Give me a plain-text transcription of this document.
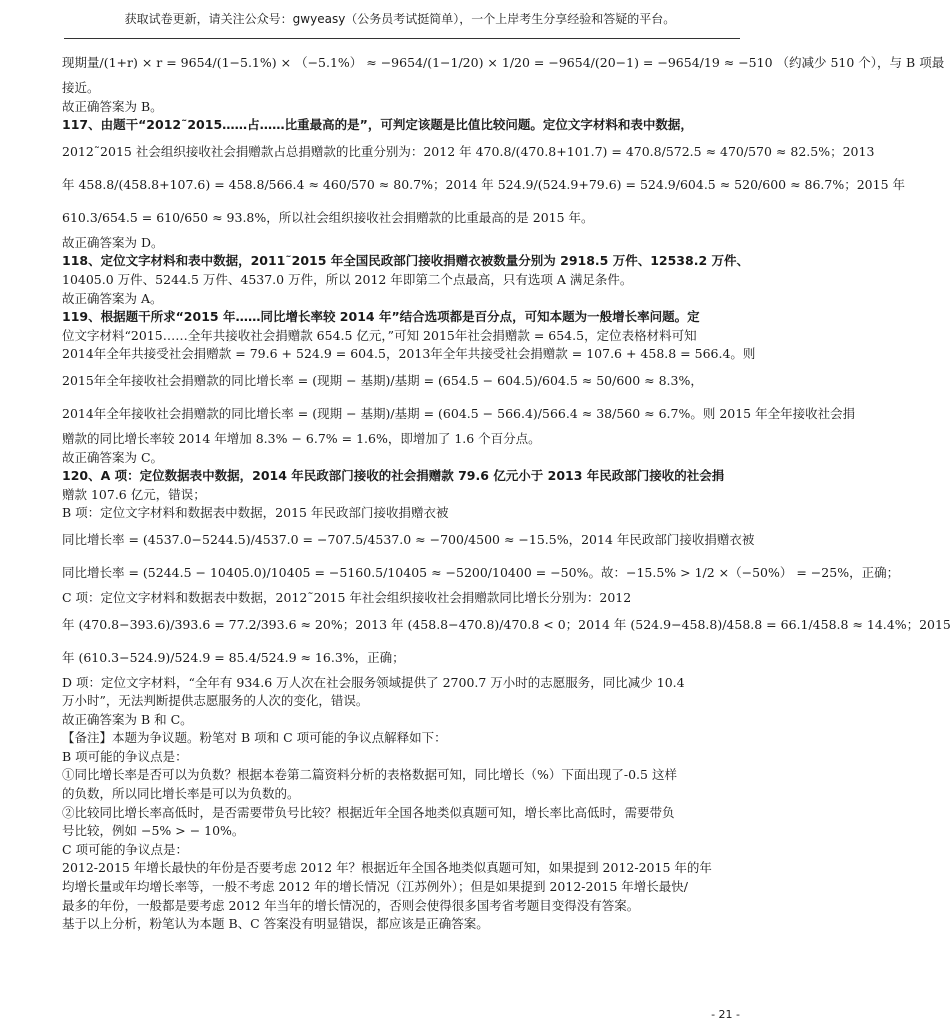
获取试卷更新，请关注公众号：gwyeasy（公务员考试挺简单），一个上岸考生分享经验和答疑的平台。
现期量/(1+r) × r = 9654/(1−5.1%) × （−5.1%） ≈ −9654/(1−1/20) × 1/20 = −9654/(20−1) = −9654/19 ≈ −510 （约减少 510 个），与 B 项最
接近。
故正确答案为 B。
117、由题干“2012˜2015……占……比重最高的是”，可判定该题是比值比较问题。定位文字材料和表中数据，
2012˜2015 社会组织接收社会捐赠款占总捐赠款的比重分别为：2012 年 470.8/(470.8+101.7) = 470.8/572.5 ≈ 470/570 ≈ 82.5%；2013
年 458.8/(458.8+107.6) = 458.8/566.4 ≈ 460/570 ≈ 80.7%；2014 年 524.9/(524.9+79.6) = 524.9/604.5 ≈ 520/600 ≈ 86.7%；2015 年
610.3/654.5 = 610/650 ≈ 93.8%，所以社会组织接收社会捐赠款的比重最高的是 2015 年。
故正确答案为 D。
118、定位文字材料和表中数据，2011˜2015 年全国民政部门接收捐赠衣被数量分别为 2918.5 万件、12538.2 万件、
10405.0 万件、5244.5 万件、4537.0 万件，所以 2012 年即第二个点最高，只有选项 A 满足条件。
故正确答案为 A。
119、根据题干所求“2015 年……同比增长率较 2014 年”结合选项都是百分点，可知本题为一般增长率问题。定
位文字材料“2015……全年共接收社会捐赠款 654.5 亿元，”可知 2015年社会捐赠款 = 654.5，定位表格材料可知
2014年全年共接受社会捐赠款 = 79.6 + 524.9 = 604.5，2013年全年共接受社会捐赠款 = 107.6 + 458.8 = 566.4。则
2015年全年接收社会捐赠款的同比增长率 = (现期 − 基期)/基期 = (654.5 − 604.5)/604.5 ≈ 50/600 ≈ 8.3%，
2014年全年接收社会捐赠款的同比增长率 = (现期 − 基期)/基期 = (604.5 − 566.4)/566.4 ≈ 38/560 ≈ 6.7%。则 2015 年全年接收社会捐
赠款的同比增长率较 2014 年增加 8.3% − 6.7% = 1.6%，即增加了 1.6 个百分点。
故正确答案为 C。
120、A 项：定位数据表中数据，2014 年民政部门接收的社会捐赠款 79.6 亿元小于 2013 年民政部门接收的社会捐
赠款 107.6 亿元，错误；
B 项：定位文字材料和数据表中数据，2015 年民政部门接收捐赠衣被
同比增长率 = (4537.0−5244.5)/4537.0 = −707.5/4537.0 ≈ −700/4500 ≈ −15.5%，2014 年民政部门接收捐赠衣被
同比增长率 = (5244.5 − 10405.0)/10405 = −5160.5/10405 ≈ −5200/10400 = −50%。故：−15.5% > 1/2 ×（−50%） = −25%，正确；
C 项：定位文字材料和数据表中数据，2012˜2015 年社会组织接收社会捐赠款同比增长分别为：2012
年 (470.8−393.6)/393.6 = 77.2/393.6 ≈ 20%；2013 年 (458.8−470.8)/470.8 < 0；2014 年 (524.9−458.8)/458.8 = 66.1/458.8 ≈ 14.4%；2015
年 (610.3−524.9)/524.9 = 85.4/524.9 ≈ 16.3%，正确；
D 项：定位文字材料，“全年有 934.6 万人次在社会服务领域提供了 2700.7 万小时的志愿服务，同比减少 10.4
万小时”，无法判断提供志愿服务的人次的变化，错误。
故正确答案为 B 和 C。
【备注】本题为争议题。粉笔对 B 项和 C 项可能的争议点解释如下：
B 项可能的争议点是：
①同比增长率是否可以为负数？根据本卷第二篇资料分析的表格数据可知，同比增长（%）下面出现了-0.5 这样
的负数，所以同比增长率是可以为负数的。
②比较同比增长率高低时，是否需要带负号比较？根据近年全国各地类似真题可知，增长率比高低时，需要带负
号比较，例如 −5% > − 10%。
C 项可能的争议点是：
2012-2015 年增长最快的年份是否要考虑 2012 年？根据近年全国各地类似真题可知，如果提到 2012-2015 年的年
均增长量或年均增长率等，一般不考虑 2012 年的增长情况（江苏例外）；但是如果提到 2012-2015 年增长最快/
最多的年份，一般都是要考虑 2012 年当年的增长情况的，否则会使得很多国考省考题目变得没有答案。
基于以上分析，粉笔认为本题 B、C 答案没有明显错误，都应该是正确答案。
- 21 -
